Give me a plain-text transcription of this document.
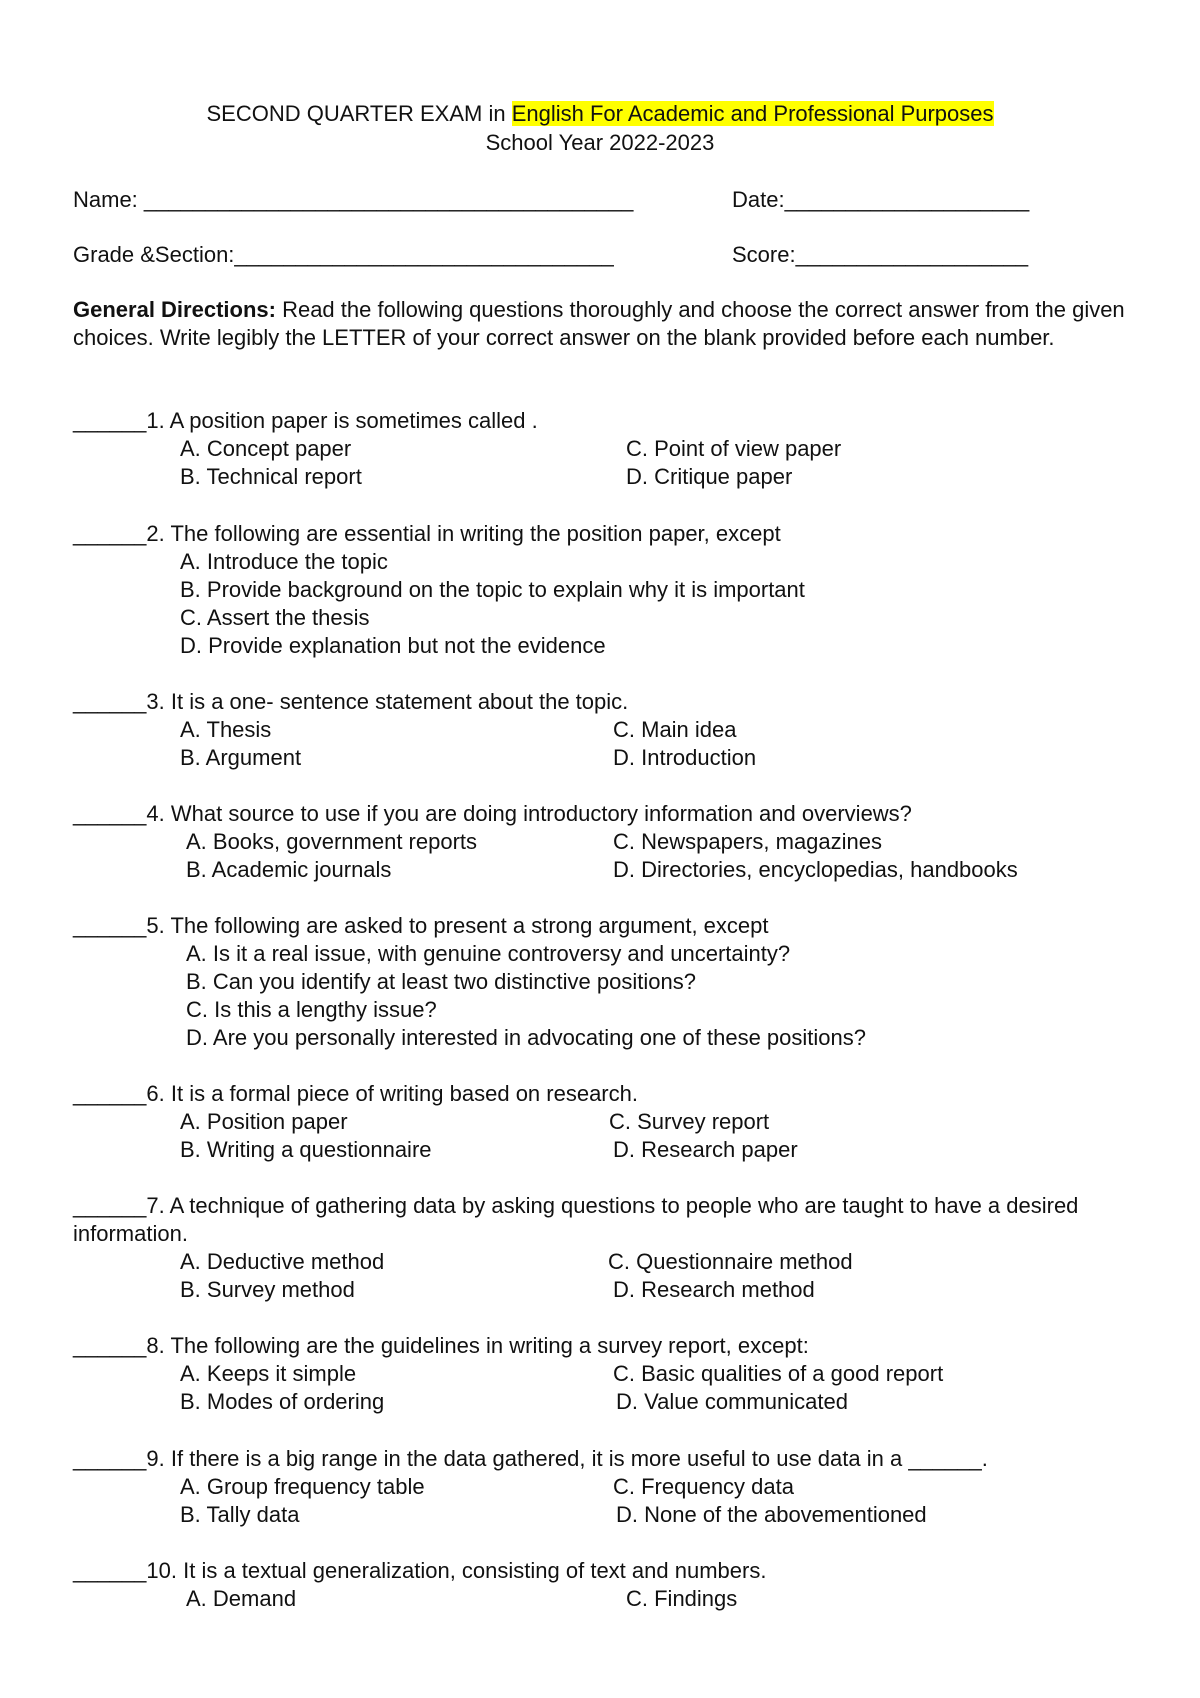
SECOND QUARTER EXAM in English For Academic and Professional Purposes
School Year 2022-2023
Name: ________________________________________	Date:____________________
Grade &Section:_______________________________	Score:___________________
General Directions: Read the following questions thoroughly and choose the correct answer from the given choices. Write legibly the LETTER of your correct answer on the blank provided before each number.
______1. A position paper is sometimes called .
A. Concept paper	C. Point of view paper
B. Technical report	D. Critique paper
______2. The following are essential in writing the position paper, except
A. Introduce the topic
B. Provide background on the topic to explain why it is important
C. Assert the thesis
D. Provide explanation but not the evidence
______3. It is a one- sentence statement about the topic.
A. Thesis	C. Main idea
B. Argument	D. Introduction
______4. What source to use if you are doing introductory information and overviews?
A. Books, government reports	C. Newspapers, magazines
B. Academic journals	D. Directories, encyclopedias, handbooks
______5. The following are asked to present a strong argument, except
A. Is it a real issue, with genuine controversy and uncertainty?
B. Can you identify at least two distinctive positions?
C. Is this a lengthy issue?
D. Are you personally interested in advocating one of these positions?
______6. It is a formal piece of writing based on research.
A. Position paper	C. Survey report
B. Writing a questionnaire	D. Research paper
______7. A technique of gathering data by asking questions to people who are taught to have a desired information.
A. Deductive method	C. Questionnaire method
B. Survey method	D. Research method
______8. The following are the guidelines in writing a survey report, except:
A. Keeps it simple	C. Basic qualities of a good report
B. Modes of ordering	D. Value communicated
______9. If there is a big range in the data gathered, it is more useful to use data in a ______.
A. Group frequency table	C. Frequency data
B. Tally data	D. None of the abovementioned
______10. It is a textual generalization, consisting of text and numbers.
A. Demand	C. Findings
